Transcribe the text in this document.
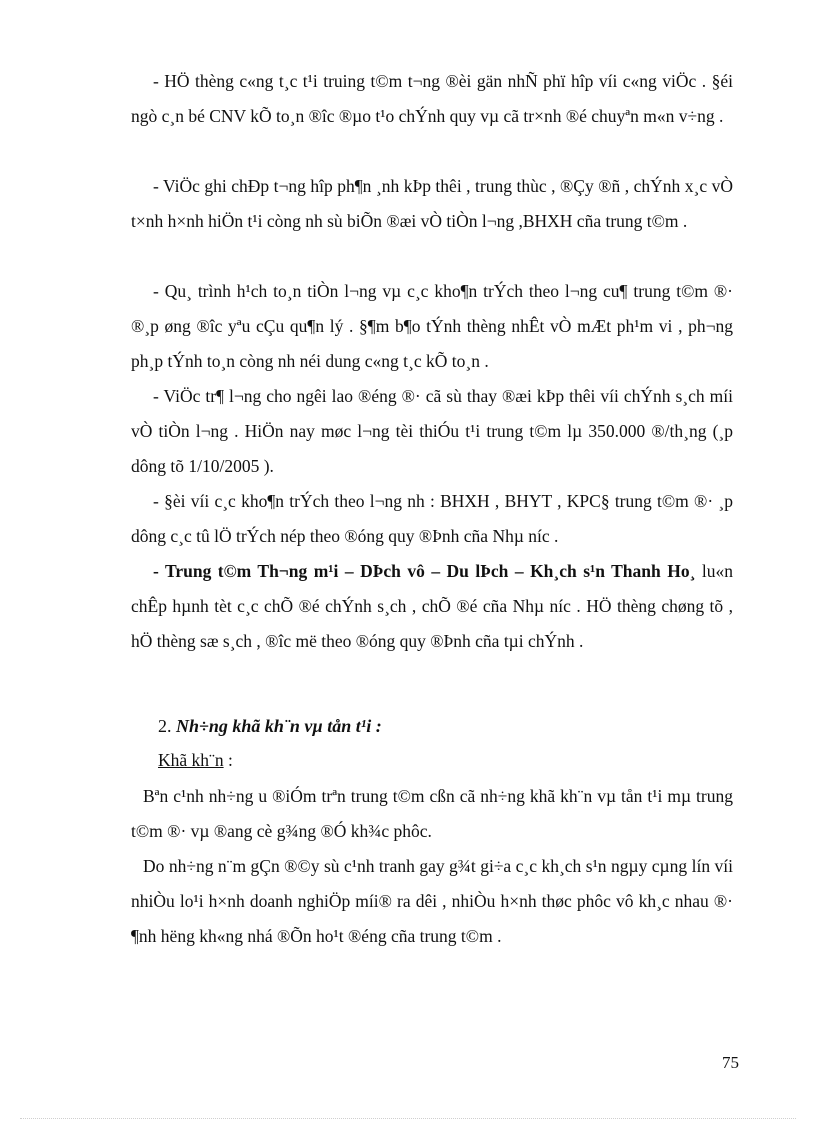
- HÖ thèng c«ng t¸c t¹i truing t©m t¬ng ®èi gän nhÑ phï hîp víi c«ng viÖc . §éi ngò c¸n bé CNV kÕ to¸n ®îc ®µo t¹o chÝnh quy vµ cã tr×nh ®é chuyªn m«n v÷ng .

- ViÖc ghi chÐp t¬ng hîp ph¶n ¸nh kÞp thêi , trung thùc , ®Çy ®ñ , chÝnh x¸c vÒ t×nh h×nh hiÖn t¹i còng nh sù biÕn ®æi vÒ tiÒn l¬ng ,BHXH cña trung t©m .

- Qu¸ trình h¹ch to¸n tiÒn l¬ng vµ c¸c kho¶n trÝch theo l¬ng cu¶ trung t©m ®· ®¸p øng ®îc yªu cÇu qu¶n lý . §¶m b¶o tÝnh thèng nhÊt vÒ mÆt ph¹m vi , ph¬ng ph¸p tÝnh to¸n còng nh néi dung c«ng t¸c kÕ to¸n .

- ViÖc tr¶ l¬ng cho ngêi lao ®éng ®· cã sù thay ®æi kÞp thêi víi chÝnh s¸ch míi vÒ tiÒn l¬ng . HiÖn nay møc l¬ng tèi thiÓu t¹i trung t©m lµ 350.000 ®/th¸ng (¸p dông tõ 1/10/2005 ).

- §èi víi c¸c kho¶n trÝch theo l¬ng nh : BHXH , BHYT , KPC§ trung t©m ®· ¸p dông c¸c tû lÖ trÝch nép theo ®óng quy ®Þnh cña Nhµ níc .

- Trung t©m Th¬ng m¹i – DÞch vô – Du lÞch – Kh¸ch s¹n Thanh Ho¸ lu«n chÊp hµnh tèt c¸c chÕ ®é chÝnh s¸ch , chÕ ®é cña Nhµ níc . HÖ thèng chøng tõ , hÖ thèng sæ s¸ch , ®îc më theo ®óng quy ®Þnh cña tµi chÝnh .

2. Nh÷ng khã kh¨n vµ tån t¹i :

Khã kh¨n :

Bªn c¹nh nh÷ng u ®iÓm trªn trung t©m cßn cã nh÷ng khã kh¨n vµ tån t¹i mµ trung t©m ®· vµ ®ang cè g¾ng ®Ó kh¾c phôc.

Do nh÷ng n¨m gÇn ®©y sù c¹nh tranh gay g¾t gi÷a c¸c kh¸ch s¹n ngµy cµng lín víi nhiÒu lo¹i h×nh doanh nghiÖp míi® ra dêi , nhiÒu h×nh thøc phôc vô kh¸c nhau ®· ¶nh hëng kh«ng nhá ®Õn ho¹t ®éng cña trung t©m .

75
